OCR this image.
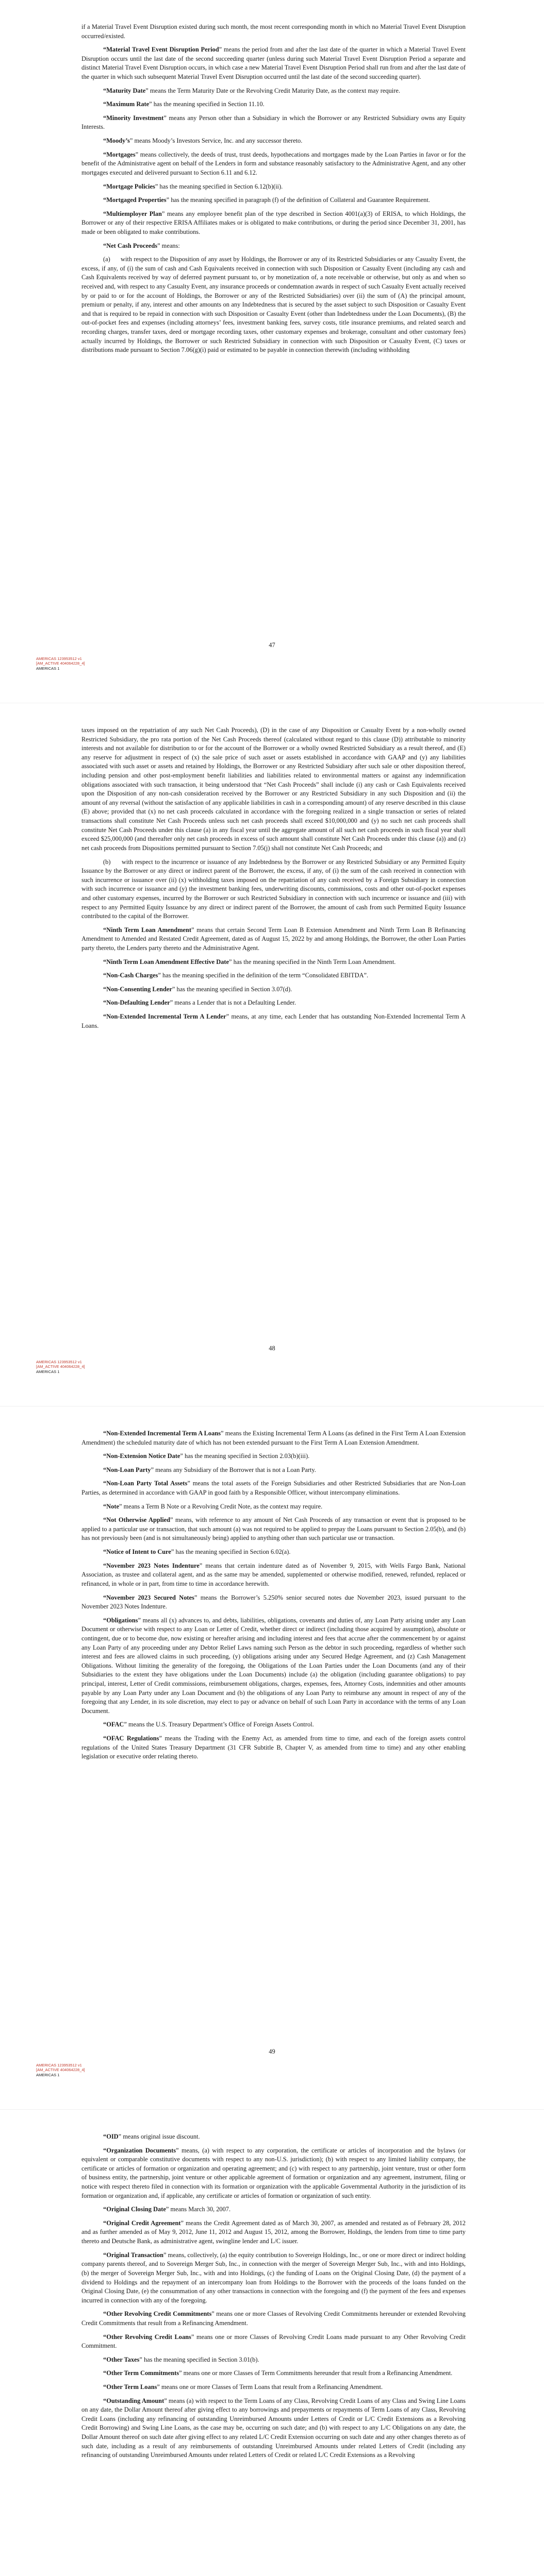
if a Material Travel Event Disruption existed during such month, the most recent corresponding month in which no Material Travel Event Disruption occurred/existed.

“Material Travel Event Disruption Period” means the period from and after the last date of the quarter in which a Material Travel Event Disruption occurs until the last date of the second succeeding quarter (unless during such Material Travel Event Disruption Period a separate and distinct Material Travel Event Disruption occurs, in which case a new Material Travel Event Disruption Period shall run from and after the last date of the quarter in which such subsequent Material Travel Event Disruption occurred until the last date of the second succeeding quarter).

“Maturity Date” means the Term Maturity Date or the Revolving Credit Maturity Date, as the context may require.

“Maximum Rate” has the meaning specified in Section 11.10.

“Minority Investment” means any Person other than a Subsidiary in which the Borrower or any Restricted Subsidiary owns any Equity Interests.

“Moody’s” means Moody’s Investors Service, Inc. and any successor thereto.

“Mortgages” means collectively, the deeds of trust, trust deeds, hypothecations and mortgages made by the Loan Parties in favor or for the benefit of the Administrative agent on behalf of the Lenders in form and substance reasonably satisfactory to the Administrative Agent, and any other mortgages executed and delivered pursuant to Section 6.11 and 6.12.

“Mortgage Policies” has the meaning specified in Section 6.12(b)(ii).

“Mortgaged Properties” has the meaning specified in paragraph (f) of the definition of Collateral and Guarantee Requirement.

“Multiemployer Plan” means any employee benefit plan of the type described in Section 4001(a)(3) of ERISA, to which Holdings, the Borrower or any of their respective ERISA Affiliates makes or is obligated to make contributions, or during the period since December 31, 2001, has made or been obligated to make contributions.

“Net Cash Proceeds” means:

(a)      with respect to the Disposition of any asset by Holdings, the Borrower or any of its Restricted Subsidiaries or any Casualty Event, the excess, if any, of (i) the sum of cash and Cash Equivalents received in connection with such Disposition or Casualty Event (including any cash and Cash Equivalents received by way of deferred payment pursuant to, or by monetization of, a note receivable or otherwise, but only as and when so received and, with respect to any Casualty Event, any insurance proceeds or condemnation awards in respect of such Casualty Event actually received by or paid to or for the account of Holdings, the Borrower or any of the Restricted Subsidiaries) over (ii) the sum of (A) the principal amount, premium or penalty, if any, interest and other amounts on any Indebtedness that is secured by the asset subject to such Disposition or Casualty Event and that is required to be repaid in connection with such Disposition or Casualty Event (other than Indebtedness under the Loan Documents), (B) the out-of-pocket fees and expenses (including attorneys’ fees, investment banking fees, survey costs, title insurance premiums, and related search and recording charges, transfer taxes, deed or mortgage recording taxes, other customary expenses and brokerage, consultant and other customary fees) actually incurred by Holdings, the Borrower or such Restricted Subsidiary in connection with such Disposition or Casualty Event, (C) taxes or distributions made pursuant to Section 7.06(g)(i) paid or estimated to be payable in connection therewith (including withholding

47
AMERICAS 123953512 v1
[AM_ACTIVE 404064228_4]
AMERICAS 1

taxes imposed on the repatriation of any such Net Cash Proceeds), (D) in the case of any Disposition or Casualty Event by a non-wholly owned Restricted Subsidiary, the pro rata portion of the Net Cash Proceeds thereof (calculated without regard to this clause (D)) attributable to minority interests and not available for distribution to or for the account of the Borrower or a wholly owned Restricted Subsidiary as a result thereof, and (E) any reserve for adjustment in respect of (x) the sale price of such asset or assets established in accordance with GAAP and (y) any liabilities associated with such asset or assets and retained by Holdings, the Borrower or any Restricted Subsidiary after such sale or other disposition thereof, including pension and other post-employment benefit liabilities and liabilities related to environmental matters or against any indemnification obligations associated with such transaction, it being understood that “Net Cash Proceeds” shall include (i) any cash or Cash Equivalents received upon the Disposition of any non-cash consideration received by the Borrower or any Restricted Subsidiary in any such Disposition and (ii) the amount of any reversal (without the satisfaction of any applicable liabilities in cash in a corresponding amount) of any reserve described in this clause (E) above; provided that (x) no net cash proceeds calculated in accordance with the foregoing realized in a single transaction or series of related transactions shall constitute Net Cash Proceeds unless such net cash proceeds shall exceed $10,000,000 and (y) no such net cash proceeds shall constitute Net Cash Proceeds under this clause (a) in any fiscal year until the aggregate amount of all such net cash proceeds in such fiscal year shall exceed $25,000,000 (and thereafter only net cash proceeds in excess of such amount shall constitute Net Cash Proceeds under this clause (a)) and (z) net cash proceeds from Dispositions permitted pursuant to Section 7.05(j) shall not constitute Net Cash Proceeds; and

(b)      with respect to the incurrence or issuance of any Indebtedness by the Borrower or any Restricted Subsidiary or any Permitted Equity Issuance by the Borrower or any direct or indirect parent of the Borrower, the excess, if any, of (i) the sum of the cash received in connection with such incurrence or issuance over (ii) (x) withholding taxes imposed on the repatriation of any cash received by a Foreign Subsidiary in connection with such incurrence or issuance and (y) the investment banking fees, underwriting discounts, commissions, costs and other out-of-pocket expenses and other customary expenses, incurred by the Borrower or such Restricted Subsidiary in connection with such incurrence or issuance and (iii) with respect to any Permitted Equity Issuance by any direct or indirect parent of the Borrower, the amount of cash from such Permitted Equity Issuance contributed to the capital of the Borrower.

“Ninth Term Loan Amendment” means that certain Second Term Loan B Extension Amendment and Ninth Term Loan B Refinancing Amendment to Amended and Restated Credit Agreement, dated as of August 15, 2022 by and among Holdings, the Borrower, the other Loan Parties party thereto, the Lenders party thereto and the Administrative Agent.

“Ninth Term Loan Amendment Effective Date” has the meaning specified in the Ninth Term Loan Amendment.

“Non-Cash Charges” has the meaning specified in the definition of the term “Consolidated EBITDA”.

“Non-Consenting Lender” has the meaning specified in Section 3.07(d).

“Non-Defaulting Lender” means a Lender that is not a Defaulting Lender.

“Non-Extended Incremental Term A Lender” means, at any time, each Lender that has outstanding Non-Extended Incremental Term A Loans.

48
AMERICAS 123953512 v1
[AM_ACTIVE 404064228_4]
AMERICAS 1

“Non-Extended Incremental Term A Loans” means the Existing Incremental Term A Loans (as defined in the First Term A Loan Extension Amendment) the scheduled maturity date of which has not been extended pursuant to the First Term A Loan Extension Amendment.

“Non-Extension Notice Date” has the meaning specified in Section 2.03(b)(iii).

“Non-Loan Party” means any Subsidiary of the Borrower that is not a Loan Party.

“Non-Loan Party Total Assets” means the total assets of the Foreign Subsidiaries and other Restricted Subsidiaries that are Non-Loan Parties, as determined in accordance with GAAP in good faith by a Responsible Officer, without intercompany eliminations.

“Note” means a Term B Note or a Revolving Credit Note, as the context may require.

“Not Otherwise Applied” means, with reference to any amount of Net Cash Proceeds of any transaction or event that is proposed to be applied to a particular use or transaction, that such amount (a) was not required to be applied to prepay the Loans pursuant to Section 2.05(b), and (b) has not previously been (and is not simultaneously being) applied to anything other than such particular use or transaction.

“Notice of Intent to Cure” has the meaning specified in Section 6.02(a).

“November 2023 Notes Indenture” means that certain indenture dated as of November 9, 2015, with Wells Fargo Bank, National Association, as trustee and collateral agent, and as the same may be amended, supplemented or otherwise modified, renewed, refunded, replaced or refinanced, in whole or in part, from time to time in accordance herewith.

“November 2023 Secured Notes” means the Borrower’s 5.250% senior secured notes due November 2023, issued pursuant to the November 2023 Notes Indenture.

“Obligations” means all (x) advances to, and debts, liabilities, obligations, covenants and duties of, any Loan Party arising under any Loan Document or otherwise with respect to any Loan or Letter of Credit, whether direct or indirect (including those acquired by assumption), absolute or contingent, due or to become due, now existing or hereafter arising and including interest and fees that accrue after the commencement by or against any Loan Party of any proceeding under any Debtor Relief Laws naming such Person as the debtor in such proceeding, regardless of whether such interest and fees are allowed claims in such proceeding, (y) obligations arising under any Secured Hedge Agreement, and (z) Cash Management Obligations. Without limiting the generality of the foregoing, the Obligations of the Loan Parties under the Loan Documents (and any of their Subsidiaries to the extent they have obligations under the Loan Documents) include (a) the obligation (including guarantee obligations) to pay principal, interest, Letter of Credit commissions, reimbursement obligations, charges, expenses, fees, Attorney Costs, indemnities and other amounts payable by any Loan Party under any Loan Document and (b) the obligations of any Loan Party to reimburse any amount in respect of any of the foregoing that any Lender, in its sole discretion, may elect to pay or advance on behalf of such Loan Party in accordance with the terms of any Loan Document.

“OFAC” means the U.S. Treasury Department’s Office of Foreign Assets Control.

“OFAC Regulations” means the Trading with the Enemy Act, as amended from time to time, and each of the foreign assets control regulations of the United States Treasury Department (31 CFR Subtitle B, Chapter V, as amended from time to time) and any other enabling legislation or executive order relating thereto.

49
AMERICAS 123953512 v1
[AM_ACTIVE 404064228_4]
AMERICAS 1

“OID” means original issue discount.

“Organization Documents” means, (a) with respect to any corporation, the certificate or articles of incorporation and the bylaws (or equivalent or comparable constitutive documents with respect to any non-U.S. jurisdiction); (b) with respect to any limited liability company, the certificate or articles of formation or organization and operating agreement; and (c) with respect to any partnership, joint venture, trust or other form of business entity, the partnership, joint venture or other applicable agreement of formation or organization and any agreement, instrument, filing or notice with respect thereto filed in connection with its formation or organization with the applicable Governmental Authority in the jurisdiction of its formation or organization and, if applicable, any certificate or articles of formation or organization of such entity.

“Original Closing Date” means March 30, 2007.

“Original Credit Agreement” means the Credit Agreement dated as of March 30, 2007, as amended and restated as of February 28, 2012 and as further amended as of May 9, 2012, June 11, 2012 and August 15, 2012, among the Borrower, Holdings, the lenders from time to time party thereto and Deutsche Bank, as administrative agent, swingline lender and L/C issuer.

“Original Transaction” means, collectively, (a) the equity contribution to Sovereign Holdings, Inc., or one or more direct or indirect holding company parents thereof, and to Sovereign Merger Sub, Inc., in connection with the merger of Sovereign Merger Sub, Inc., with and into Holdings, (b) the merger of Sovereign Merger Sub, Inc., with and into Holdings, (c) the funding of Loans on the Original Closing Date, (d) the payment of a dividend to Holdings and the repayment of an intercompany loan from Holdings to the Borrower with the proceeds of the loans funded on the Original Closing Date, (e) the consummation of any other transactions in connection with the foregoing and (f) the payment of the fees and expenses incurred in connection with any of the foregoing.

“Other Revolving Credit Commitments” means one or more Classes of Revolving Credit Commitments hereunder or extended Revolving Credit Commitments that result from a Refinancing Amendment.

“Other Revolving Credit Loans” means one or more Classes of Revolving Credit Loans made pursuant to any Other Revolving Credit Commitment.

“Other Taxes” has the meaning specified in Section 3.01(b).

“Other Term Commitments” means one or more Classes of Term Commitments hereunder that result from a Refinancing Amendment.

“Other Term Loans” means one or more Classes of Term Loans that result from a Refinancing Amendment.

“Outstanding Amount” means (a) with respect to the Term Loans of any Class, Revolving Credit Loans of any Class and Swing Line Loans on any date, the Dollar Amount thereof after giving effect to any borrowings and prepayments or repayments of Term Loans of any Class, Revolving Credit Loans (including any refinancing of outstanding Unreimbursed Amounts under Letters of Credit or L/C Credit Extensions as a Revolving Credit Borrowing) and Swing Line Loans, as the case may be, occurring on such date; and (b) with respect to any L/C Obligations on any date, the Dollar Amount thereof on such date after giving effect to any related L/C Credit Extension occurring on such date and any other changes thereto as of such date, including as a result of any reimbursements of outstanding Unreimbursed Amounts under related Letters of Credit (including any refinancing of outstanding Unreimbursed Amounts under related Letters of Credit or related L/C Credit Extensions as a Revolving
